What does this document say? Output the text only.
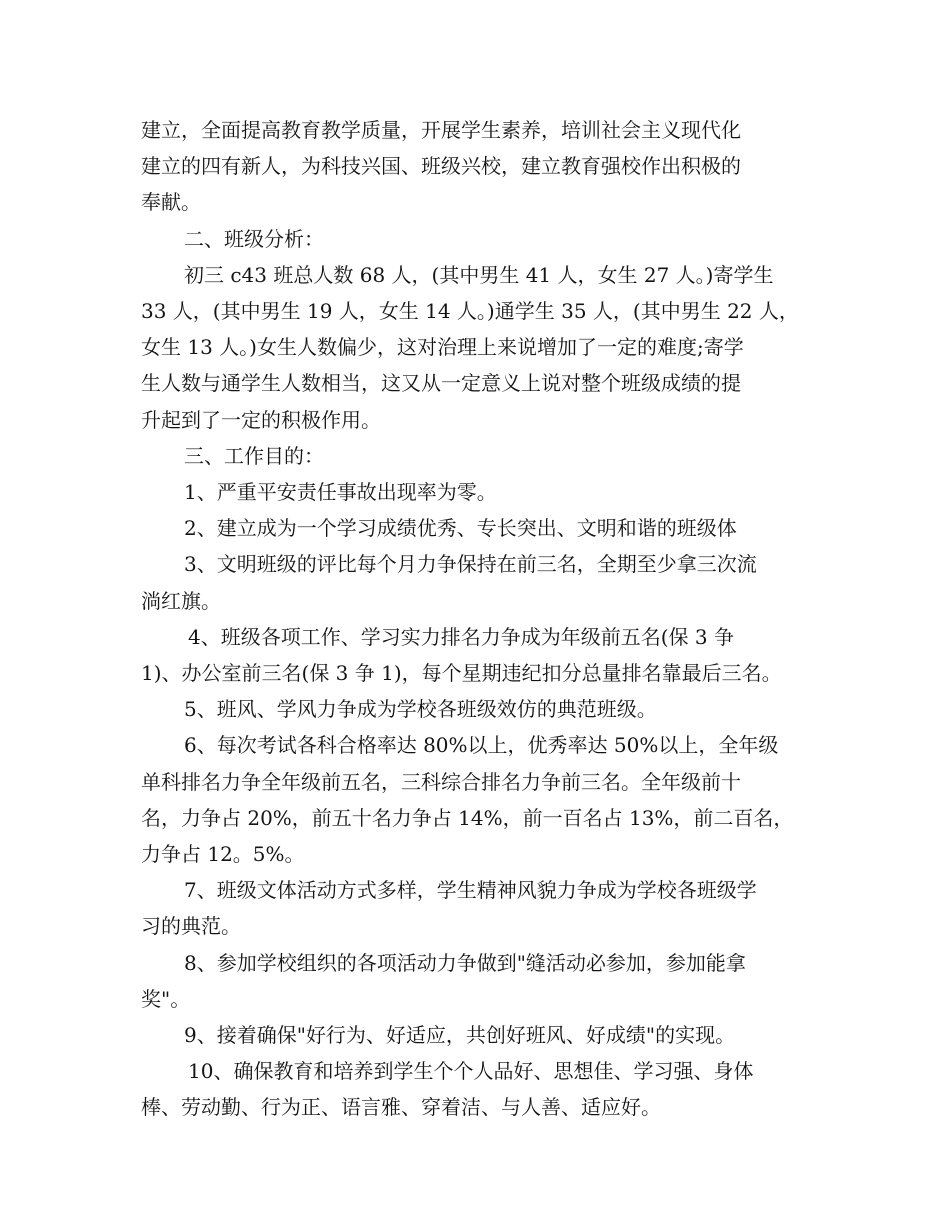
建立，全面提高教育教学质量，开展学生素养，培训社会主义现代化
建立的四有新人，为科技兴国、班级兴校，建立教育强校作出积极的
奉献。
二、班级分析：
初三 c43 班总人数 68 人，(其中男生 41 人，女生 27 人。)寄学生
33 人，(其中男生 19 人，女生 14 人。)通学生 35 人，(其中男生 22 人，
女生 13 人。)女生人数偏少，这对治理上来说增加了一定的难度;寄学
生人数与通学生人数相当，这又从一定意义上说对整个班级成绩的提
升起到了一定的积极作用。
三、工作目的：
1、严重平安责任事故出现率为零。
2、建立成为一个学习成绩优秀、专长突出、文明和谐的班级体
3、文明班级的评比每个月力争保持在前三名，全期至少拿三次流
淌红旗。
4、班级各项工作、学习实力排名力争成为年级前五名(保 3 争
1)、办公室前三名(保 3 争 1)，每个星期违纪扣分总量排名靠最后三名。
5、班风、学风力争成为学校各班级效仿的典范班级。
6、每次考试各科合格率达 80%以上，优秀率达 50%以上，全年级
单科排名力争全年级前五名，三科综合排名力争前三名。全年级前十
名，力争占 20%，前五十名力争占 14%，前一百名占 13%，前二百名，
力争占 12。5%。
7、班级文体活动方式多样，学生精神风貌力争成为学校各班级学
习的典范。
8、参加学校组织的各项活动力争做到"缝活动必参加，参加能拿
奖"。
9、接着确保"好行为、好适应，共创好班风、好成绩"的实现。
10、确保教育和培养到学生个个人品好、思想佳、学习强、身体
棒、劳动勤、行为正、语言雅、穿着洁、与人善、适应好。
